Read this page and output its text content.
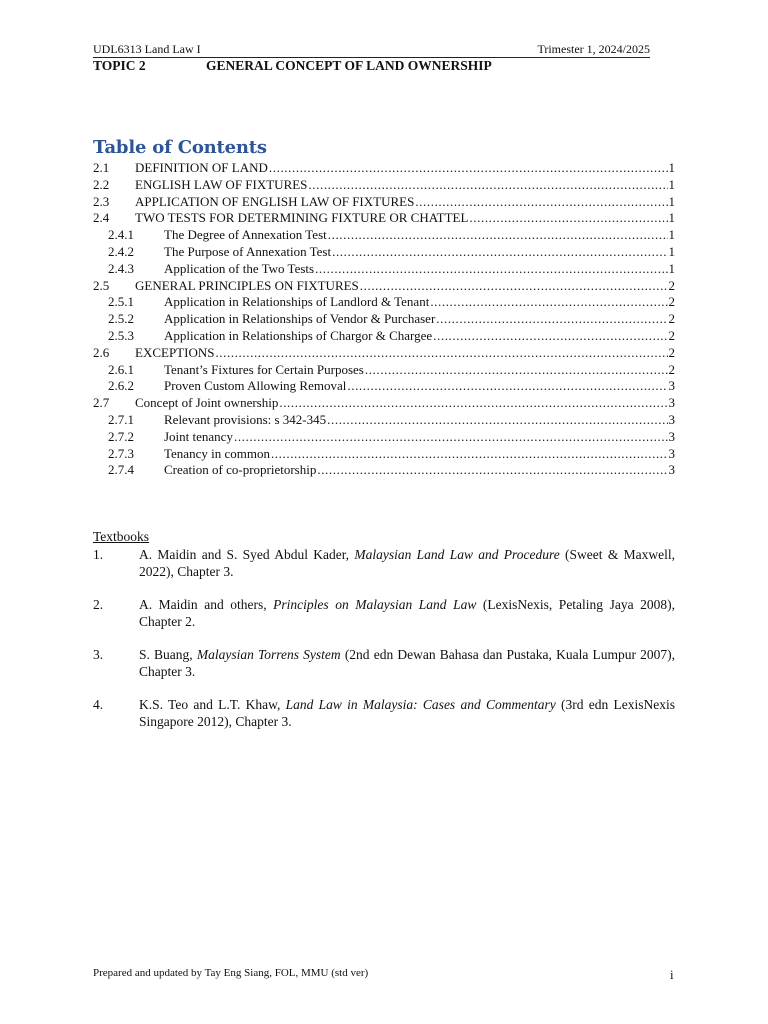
UDL6313 Land Law I	Trimester 1, 2024/2025
TOPIC 2	GENERAL CONCEPT OF LAND OWNERSHIP
Table of Contents
2.1 DEFINITION OF LAND .....	1
2.2 ENGLISH LAW OF FIXTURES .....	1
2.3 APPLICATION OF ENGLISH LAW OF FIXTURES .....	1
2.4 TWO TESTS FOR DETERMINING FIXTURE OR CHATTEL .....	1
2.4.1 The Degree of Annexation Test .....	1
2.4.2 The Purpose of Annexation Test .....	1
2.4.3 Application of the Two Tests .....	1
2.5 GENERAL PRINCIPLES ON FIXTURES .....	2
2.5.1 Application in Relationships of Landlord & Tenant .....	2
2.5.2 Application in Relationships of Vendor & Purchaser .....	2
2.5.3 Application in Relationships of Chargor & Chargee .....	2
2.6 EXCEPTIONS .....	2
2.6.1 Tenant’s Fixtures for Certain Purposes .....	2
2.6.2 Proven Custom Allowing Removal .....	3
2.7 Concept of Joint ownership .....	3
2.7.1 Relevant provisions: s 342-345 .....	3
2.7.2 Joint tenancy .....	3
2.7.3 Tenancy in common .....	3
2.7.4 Creation of co-proprietorship .....	3
Textbooks
1.	A. Maidin and S. Syed Abdul Kader, Malaysian Land Law and Procedure (Sweet & Maxwell, 2022), Chapter 3.
2.	A. Maidin and others, Principles on Malaysian Land Law (LexisNexis, Petaling Jaya 2008), Chapter 2.
3.	S. Buang, Malaysian Torrens System (2nd edn Dewan Bahasa dan Pustaka, Kuala Lumpur 2007), Chapter 3.
4.	K.S. Teo and L.T. Khaw, Land Law in Malaysia: Cases and Commentary (3rd edn LexisNexis Singapore 2012), Chapter 3.
Prepared and updated by Tay Eng Siang, FOL, MMU (std ver)	i
